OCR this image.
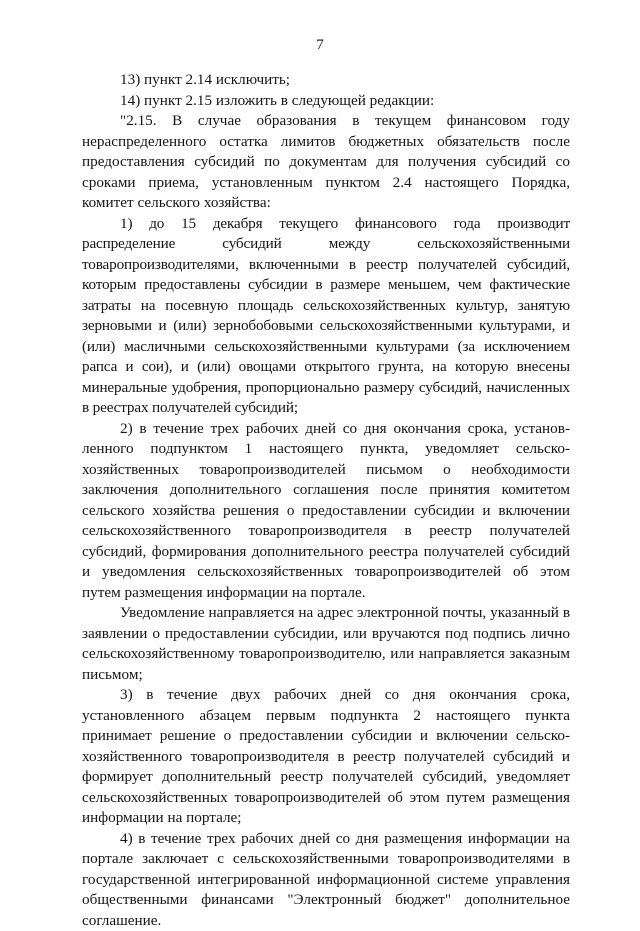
7

13) пункт 2.14 исключить;

14) пункт 2.15 изложить в следующей редакции:

"2.15. В случае образования в текущем финансовом году нераспределенного остатка лимитов бюджетных обязательств после предоставления субсидий по документам для получения субсидий со сроками приема, установленным пунктом 2.4 настоящего Порядка, комитет сельского хозяйства:

1) до 15 декабря текущего финансового года производит распределение субсидий между сельскохозяйственными товаропроизводителями, включенными в реестр получателей субсидий, которым предоставлены субсидии в размере меньшем, чем фактические затраты на посевную площадь сельскохозяйственных культур, занятую зерновыми и (или) зернобобовыми сельскохозяйственными культурами, и (или) масличными сельскохозяйственными культурами (за исключением рапса и сои), и (или) овощами открытого грунта, на которую внесены минеральные удобрения, пропорционально размеру субсидий, начисленных в реестрах получателей субсидий;

2) в течение трех рабочих дней со дня окончания срока, установленного подпунктом 1 настоящего пункта, уведомляет сельскохозяйственных товаропроизводителей письмом о необходимости заключения дополнительного соглашения после принятия комитетом сельского хозяйства решения о предоставлении субсидии и включении сельскохозяйственного товаропроизводителя в реестр получателей субсидий, формирования дополнительного реестра получателей субсидий и уведомления сельскохозяйственных товаропроизводителей об этом путем размещения информации на портале.

Уведомление направляется на адрес электронной почты, указанный в заявлении о предоставлении субсидии, или вручаются под подпись лично сельскохозяйственному товаропроизводителю, или направляется заказным письмом;

3) в течение двух рабочих дней со дня окончания срока, установленного абзацем первым подпункта 2 настоящего пункта принимает решение о предоставлении субсидии и включении сельскохозяйственного товаропроизводителя в реестр получателей субсидий и формирует дополнительный реестр получателей субсидий, уведомляет сельскохозяйственных товаропроизводителей об этом путем размещения информации на портале;

4) в течение трех рабочих дней со дня размещения информации на портале заключает с сельскохозяйственными товаропроизводителями в государственной интегрированной информационной системе управления общественными финансами "Электронный бюджет" дополнительное соглашение.
